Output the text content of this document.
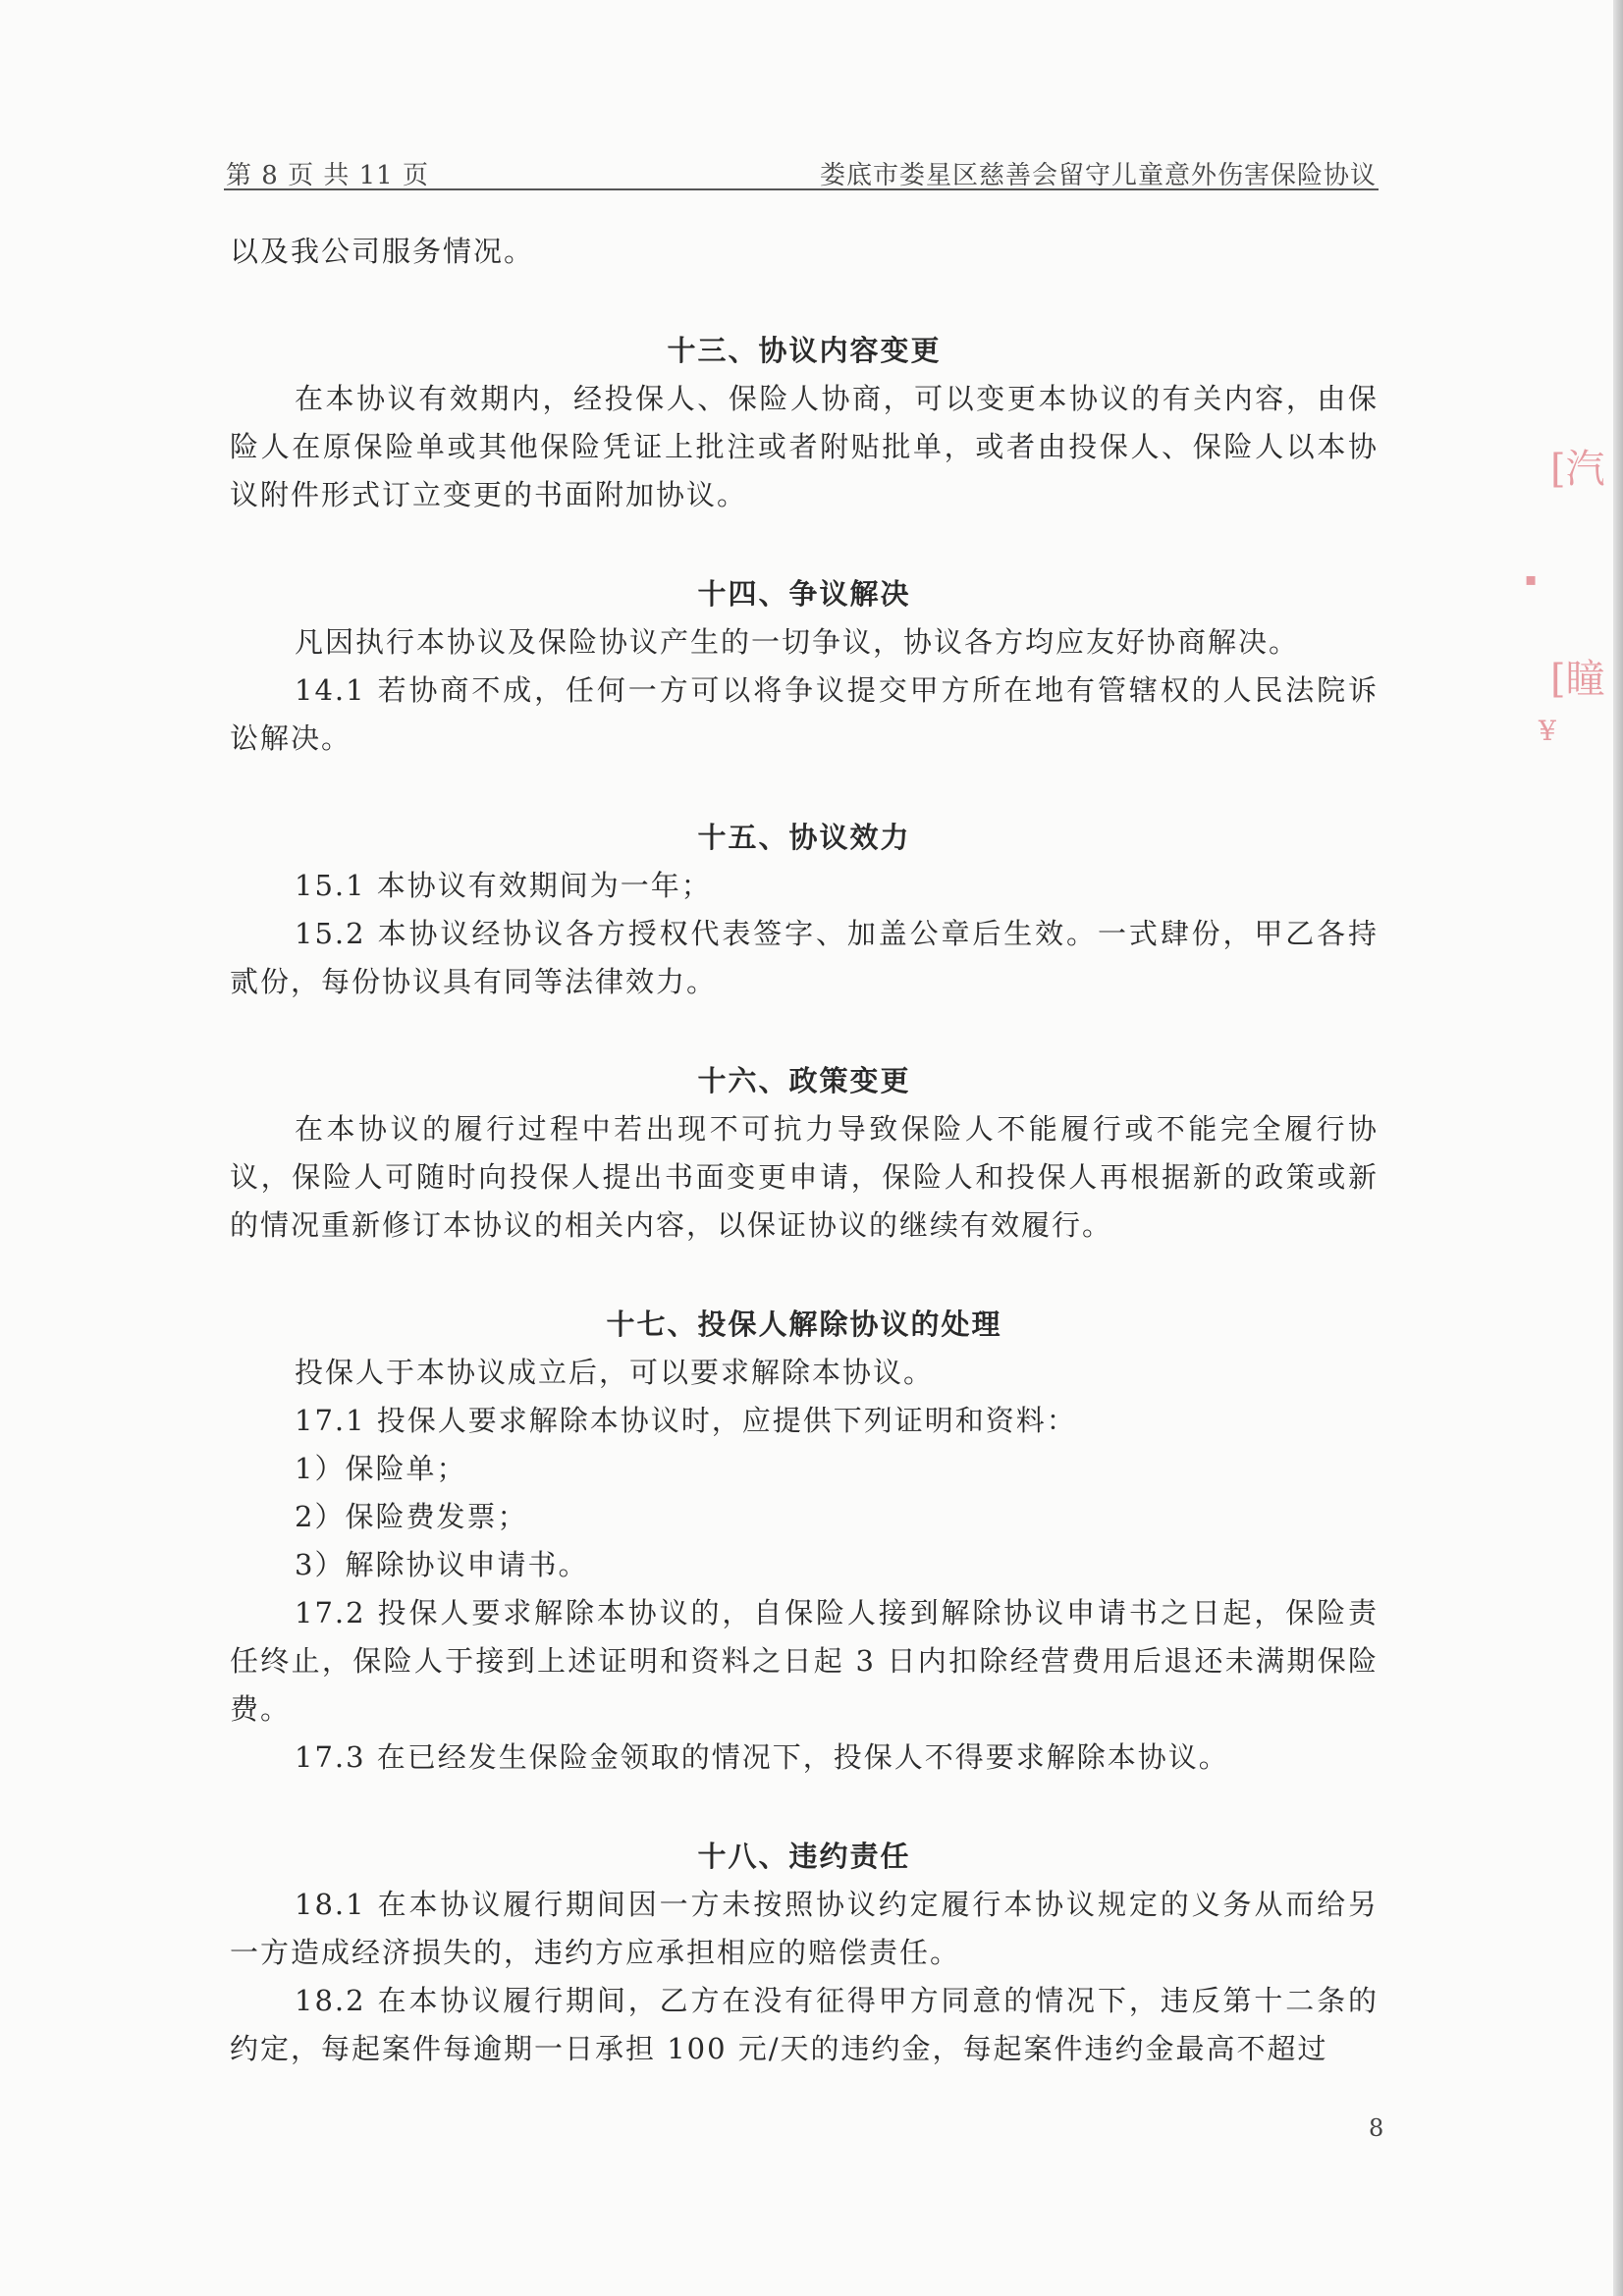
第 8 页 共 11 页	娄底市娄星区慈善会留守儿童意外伤害保险协议

以及我公司服务情况。

十三、协议内容变更

在本协议有效期内，经投保人、保险人协商，可以变更本协议的有关内容，由保险人在原保险单或其他保险凭证上批注或者附贴批单，或者由投保人、保险人以本协议附件形式订立变更的书面附加协议。

十四、争议解决

凡因执行本协议及保险协议产生的一切争议，协议各方均应友好协商解决。

14.1 若协商不成，任何一方可以将争议提交甲方所在地有管辖权的人民法院诉讼解决。

十五、协议效力

15.1 本协议有效期间为一年；

15.2 本协议经协议各方授权代表签字、加盖公章后生效。一式肆份，甲乙各持贰份，每份协议具有同等法律效力。

十六、政策变更

在本协议的履行过程中若出现不可抗力导致保险人不能履行或不能完全履行协议，保险人可随时向投保人提出书面变更申请，保险人和投保人再根据新的政策或新的情况重新修订本协议的相关内容，以保证协议的继续有效履行。

十七、投保人解除协议的处理

投保人于本协议成立后，可以要求解除本协议。

17.1 投保人要求解除本协议时，应提供下列证明和资料：

1）保险单；

2）保险费发票；

3）解除协议申请书。

17.2 投保人要求解除本协议的，自保险人接到解除协议申请书之日起，保险责任终止，保险人于接到上述证明和资料之日起 3 日内扣除经营费用后退还未满期保险费。

17.3 在已经发生保险金领取的情况下，投保人不得要求解除本协议。

十八、违约责任

18.1 在本协议履行期间因一方未按照协议约定履行本协议规定的义务从而给另一方造成经济损失的，违约方应承担相应的赔偿责任。

18.2 在本协议履行期间，乙方在没有征得甲方同意的情况下，违反第十二条的约定，每起案件每逾期一日承担 100 元/天的违约金，每起案件违约金最高不超过

8
[汽
▪
[瞳
¥
